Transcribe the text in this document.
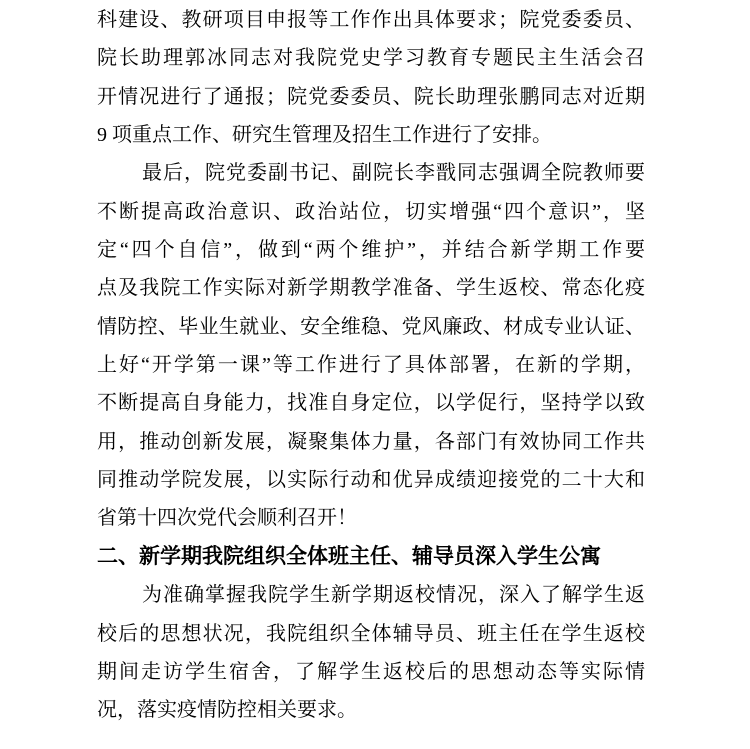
科建设、教研项目申报等工作作出具体要求；院党委委员、
院长助理郭冰同志对我院党史学习教育专题民主生活会召
开情况进行了通报；院党委委员、院长助理张鹏同志对近期
9 项重点工作、研究生管理及招生工作进行了安排。
最后，院党委副书记、副院长李戬同志强调全院教师要
不断提高政治意识、政治站位，切实增强“四个意识”，坚
定“四个自信”，做到“两个维护”，并结合新学期工作要
点及我院工作实际对新学期教学准备、学生返校、常态化疫
情防控、毕业生就业、安全维稳、党风廉政、材成专业认证、
上好“开学第一课”等工作进行了具体部署，在新的学期，
不断提高自身能力，找准自身定位，以学促行，坚持学以致
用，推动创新发展，凝聚集体力量，各部门有效协同工作共
同推动学院发展，以实际行动和优异成绩迎接党的二十大和
省第十四次党代会顺利召开！
二、新学期我院组织全体班主任、辅导员深入学生公寓
为准确掌握我院学生新学期返校情况，深入了解学生返
校后的思想状况，我院组织全体辅导员、班主任在学生返校
期间走访学生宿舍，了解学生返校后的思想动态等实际情
况，落实疫情防控相关要求。
